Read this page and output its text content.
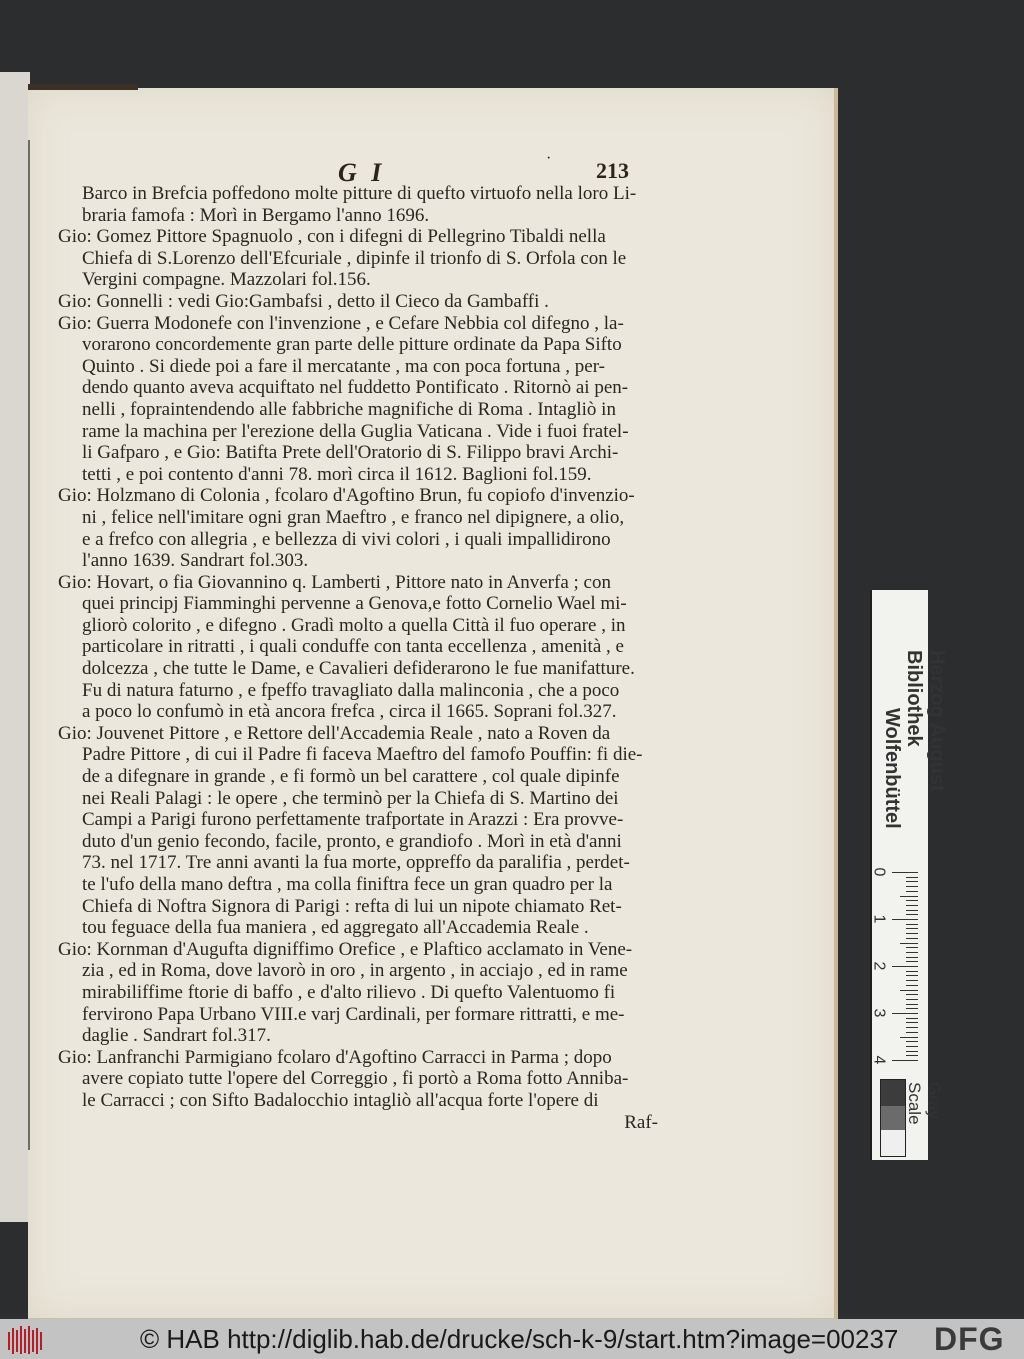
G I	· 213
Barco in Brefcia poffedono molte pitture di quefto virtuofo nella loro Li-
braria famofa : Morì in Bergamo l'anno 1696.
Gio: Gomez Pittore Spagnuolo , con i difegni di Pellegrino Tibaldi nella
Chiefa di S.Lorenzo dell'Efcuriale , dipinfe il trionfo di S. Orfola con le
Vergini compagne. Mazzolari fol.156.
Gio: Gonnelli : vedi Gio:Gambafsi , detto il Cieco da Gambaffi .
Gio: Guerra Modonefe con l'invenzione , e Cefare Nebbia col difegno , la-
vorarono concordemente gran parte delle pitture ordinate da Papa Sifto
Quinto . Si diede poi a fare il mercatante , ma con poca fortuna , per-
dendo quanto aveva acquiftato nel fuddetto Pontificato . Ritornò ai pen-
nelli , fopraintendendo alle fabbriche magnifiche di Roma . Intagliò in
rame la machina per l'erezione della Guglia Vaticana . Vide i fuoi fratel-
li Gafparo , e Gio: Batifta Prete dell'Oratorio di S. Filippo bravi Archi-
tetti , e poi contento d'anni 78. morì circa il 1612. Baglioni fol.159.
Gio: Holzmano di Colonia , fcolaro d'Agoftino Brun, fu copiofo d'invenzio-
ni , felice nell'imitare ogni gran Maeftro , e franco nel dipignere, a olio,
e a frefco con allegria , e bellezza di vivi colori , i quali impallidirono
l'anno 1639. Sandrart fol.303.
Gio: Hovart, o fia Giovannino q. Lamberti , Pittore nato in Anverfa ; con
quei principj Fiamminghi pervenne a Genova,e fotto Cornelio Wael mi-
gliorò colorito , e difegno . Gradì molto a quella Città il fuo operare , in
particolare in ritratti , i quali conduffe con tanta eccellenza , amenità , e
dolcezza , che tutte le Dame, e Cavalieri defiderarono le fue manifatture.
Fu di natura faturno , e fpeffo travagliato dalla malinconia , che a poco
a poco lo confumò in età ancora frefca , circa il 1665. Soprani fol.327.
Gio: Jouvenet Pittore , e Rettore dell'Accademia Reale , nato a Roven da
Padre Pittore , di cui il Padre fi faceva Maeftro del famofo Pouffin: fi die-
de a difegnare in grande , e fi formò un bel carattere , col quale dipinfe
nei Reali Palagi : le opere , che terminò per la Chiefa di S. Martino dei
Campi a Parigi furono perfettamente trafportate in Arazzi : Era provve-
duto d'un genio fecondo, facile, pronto, e grandiofo . Morì in età d'anni
73. nel 1717. Tre anni avanti la fua morte, oppreffo da paralifia , perdet-
te l'ufo della mano deftra , ma colla finiftra fece un gran quadro per la
Chiefa di Noftra Signora di Parigi : refta di lui un nipote chiamato Ret-
tou feguace della fua maniera , ed aggregato all'Accademia Reale .
Gio: Kornman d'Augufta digniffimo Orefice , e Plaftico acclamato in Vene-
zia , ed in Roma, dove lavorò in oro , in argento , in acciajo , ed in rame
mirabiliffime ftorie di baffo , e d'alto rilievo . Di quefto Valentuomo fi
fervirono Papa Urbano VIII.e varj Cardinali, per formare rittratti, e me-
daglie . Sandrart fol.317.
Gio: Lanfranchi Parmigiano fcolaro d'Agoftino Carracci in Parma ; dopo
avere copiato tutte l'opere del Correggio , fi portò a Roma fotto Anniba-
le Carracci ; con Sifto Badalocchio intagliò all'acqua forte l'opere di
Raf-
Herzog August Bibliothek
Wolfenbüttel
0
1
2
3
4
Gray Scale
© HAB http://diglib.hab.de/drucke/sch-k-9/start.htm?image=00237 DFG
